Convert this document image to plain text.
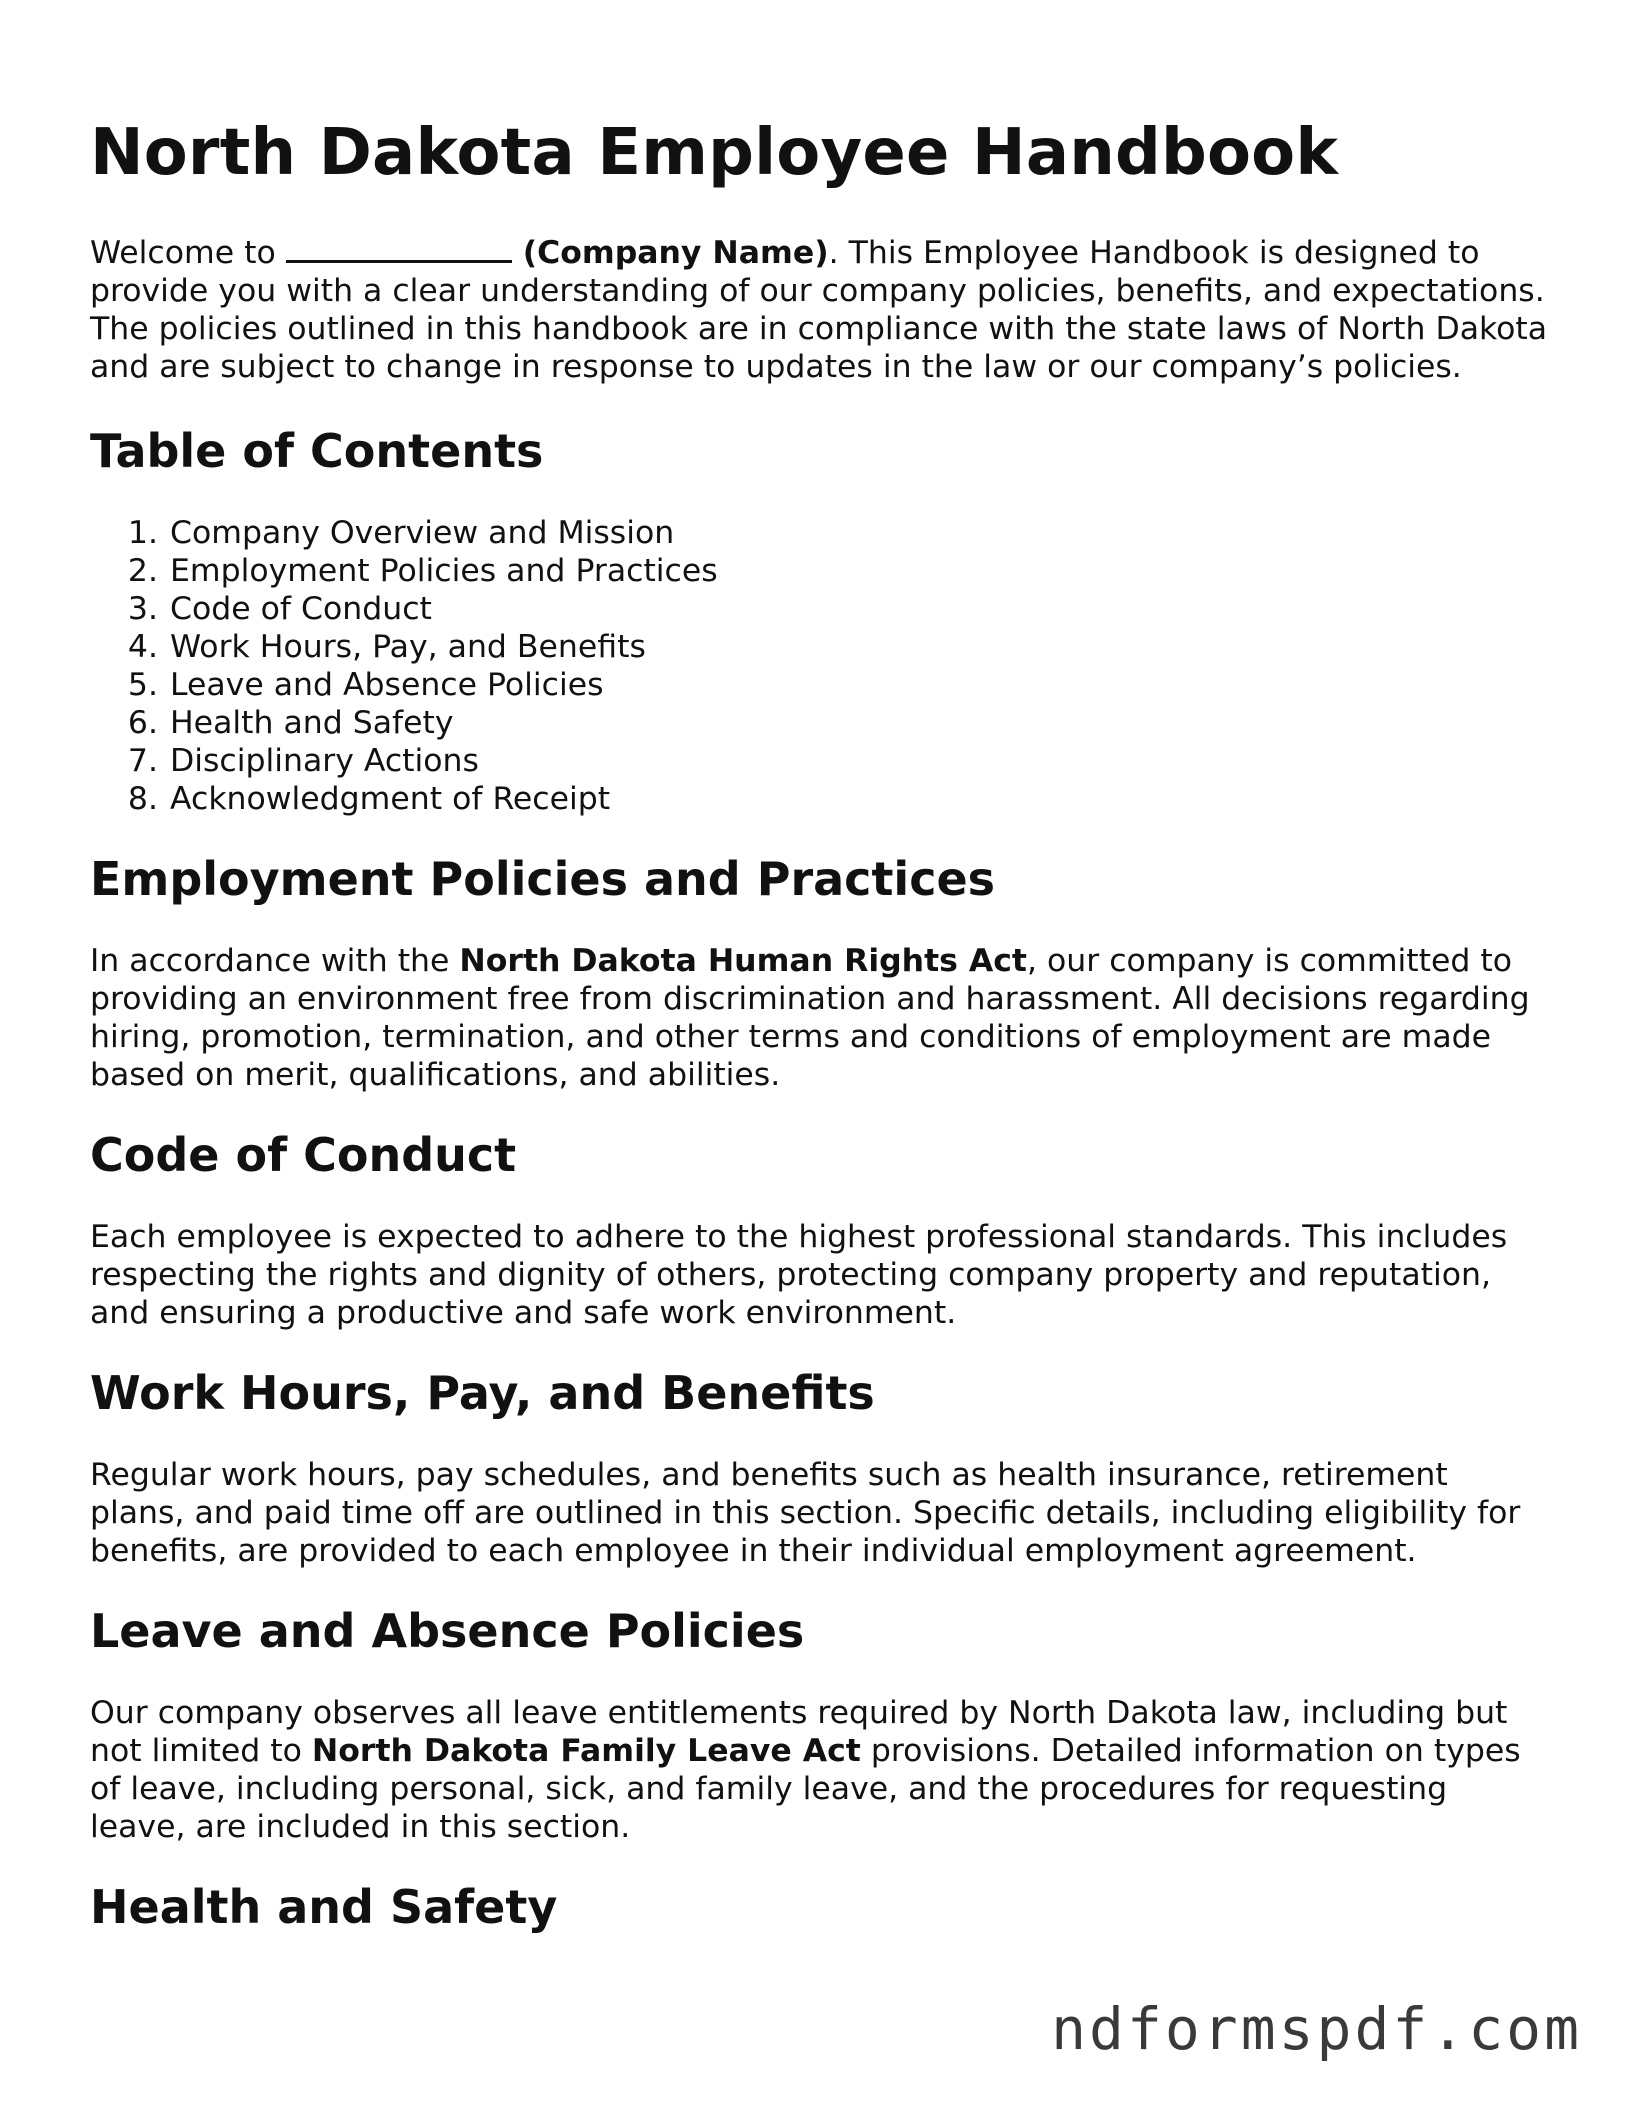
North Dakota Employee Handbook

Welcome to	(Company Name). This Employee Handbook is designed to provide you with a clear understanding of our company policies, benefits, and expectations. The policies outlined in this handbook are in compliance with the state laws of North Dakota and are subject to change in response to updates in the law or our company’s policies.

Table of Contents
1. Company Overview and Mission
2. Employment Policies and Practices
3. Code of Conduct
4. Work Hours, Pay, and Benefits
5. Leave and Absence Policies
6. Health and Safety
7. Disciplinary Actions
8. Acknowledgment of Receipt
Employment Policies and Practices

In accordance with the North Dakota Human Rights Act, our company is committed to providing an environment free from discrimination and harassment. All decisions regarding hiring, promotion, termination, and other terms and conditions of employment are made based on merit, qualifications, and abilities.

Code of Conduct

Each employee is expected to adhere to the highest professional standards. This includes respecting the rights and dignity of others, protecting company property and reputation, and ensuring a productive and safe work environment.

Work Hours, Pay, and Benefits

Regular work hours, pay schedules, and benefits such as health insurance, retirement plans, and paid time off are outlined in this section. Specific details, including eligibility for benefits, are provided to each employee in their individual employment agreement.

Leave and Absence Policies

Our company observes all leave entitlements required by North Dakota law, including but not limited to North Dakota Family Leave Act provisions. Detailed information on types of leave, including personal, sick, and family leave, and the procedures for requesting leave, are included in this section.

Health and Safety
ndformspdf.com
